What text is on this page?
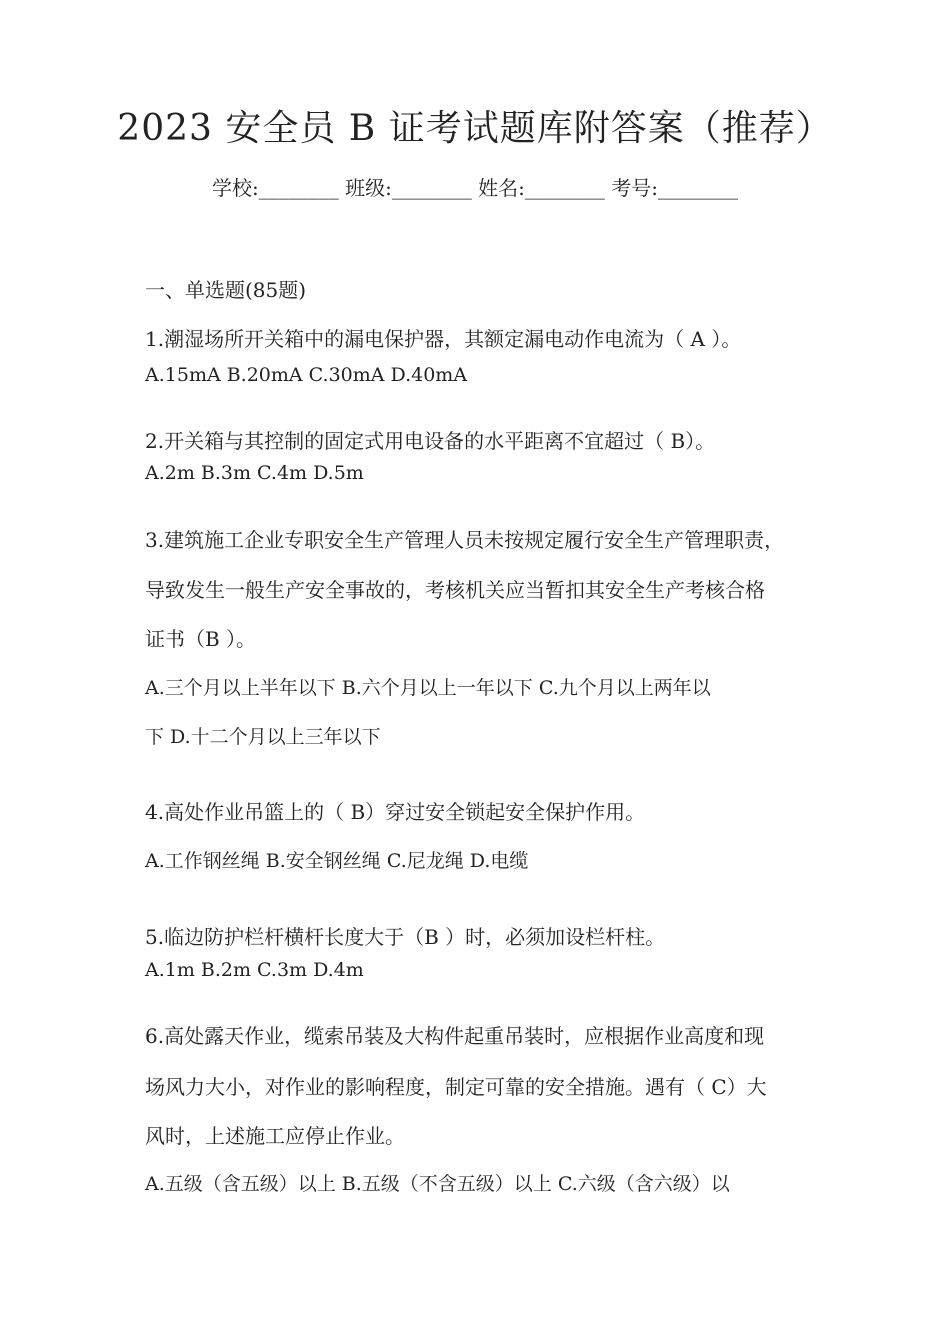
2023 安全员 B 证考试题库附答案（推荐）
学校:________ 班级:________ 姓名:________ 考号:________
一、单选题(85题)
1.潮湿场所开关箱中的漏电保护器，其额定漏电动作电流为（ A ）。
A.15mA B.20mA C.30mA D.40mA
2.开关箱与其控制的固定式用电设备的水平距离不宜超过（ B）。
A.2m B.3m C.4m D.5m
3.建筑施工企业专职安全生产管理人员未按规定履行安全生产管理职责，
导致发生一般生产安全事故的，考核机关应当暂扣其安全生产考核合格
证书（B ）。
A.三个月以上半年以下 B.六个月以上一年以下 C.九个月以上两年以
下 D.十二个月以上三年以下
4.高处作业吊篮上的（ B）穿过安全锁起安全保护作用。
A.工作钢丝绳 B.安全钢丝绳 C.尼龙绳 D.电缆
5.临边防护栏杆横杆长度大于（B ）时，必须加设栏杆柱。
A.1m B.2m C.3m D.4m
6.高处露天作业，缆索吊装及大构件起重吊装时，应根据作业高度和现
场风力大小，对作业的影响程度，制定可靠的安全措施。遇有（ C）大
风时，上述施工应停止作业。
A.五级（含五级）以上 B.五级（不含五级）以上 C.六级（含六级）以
